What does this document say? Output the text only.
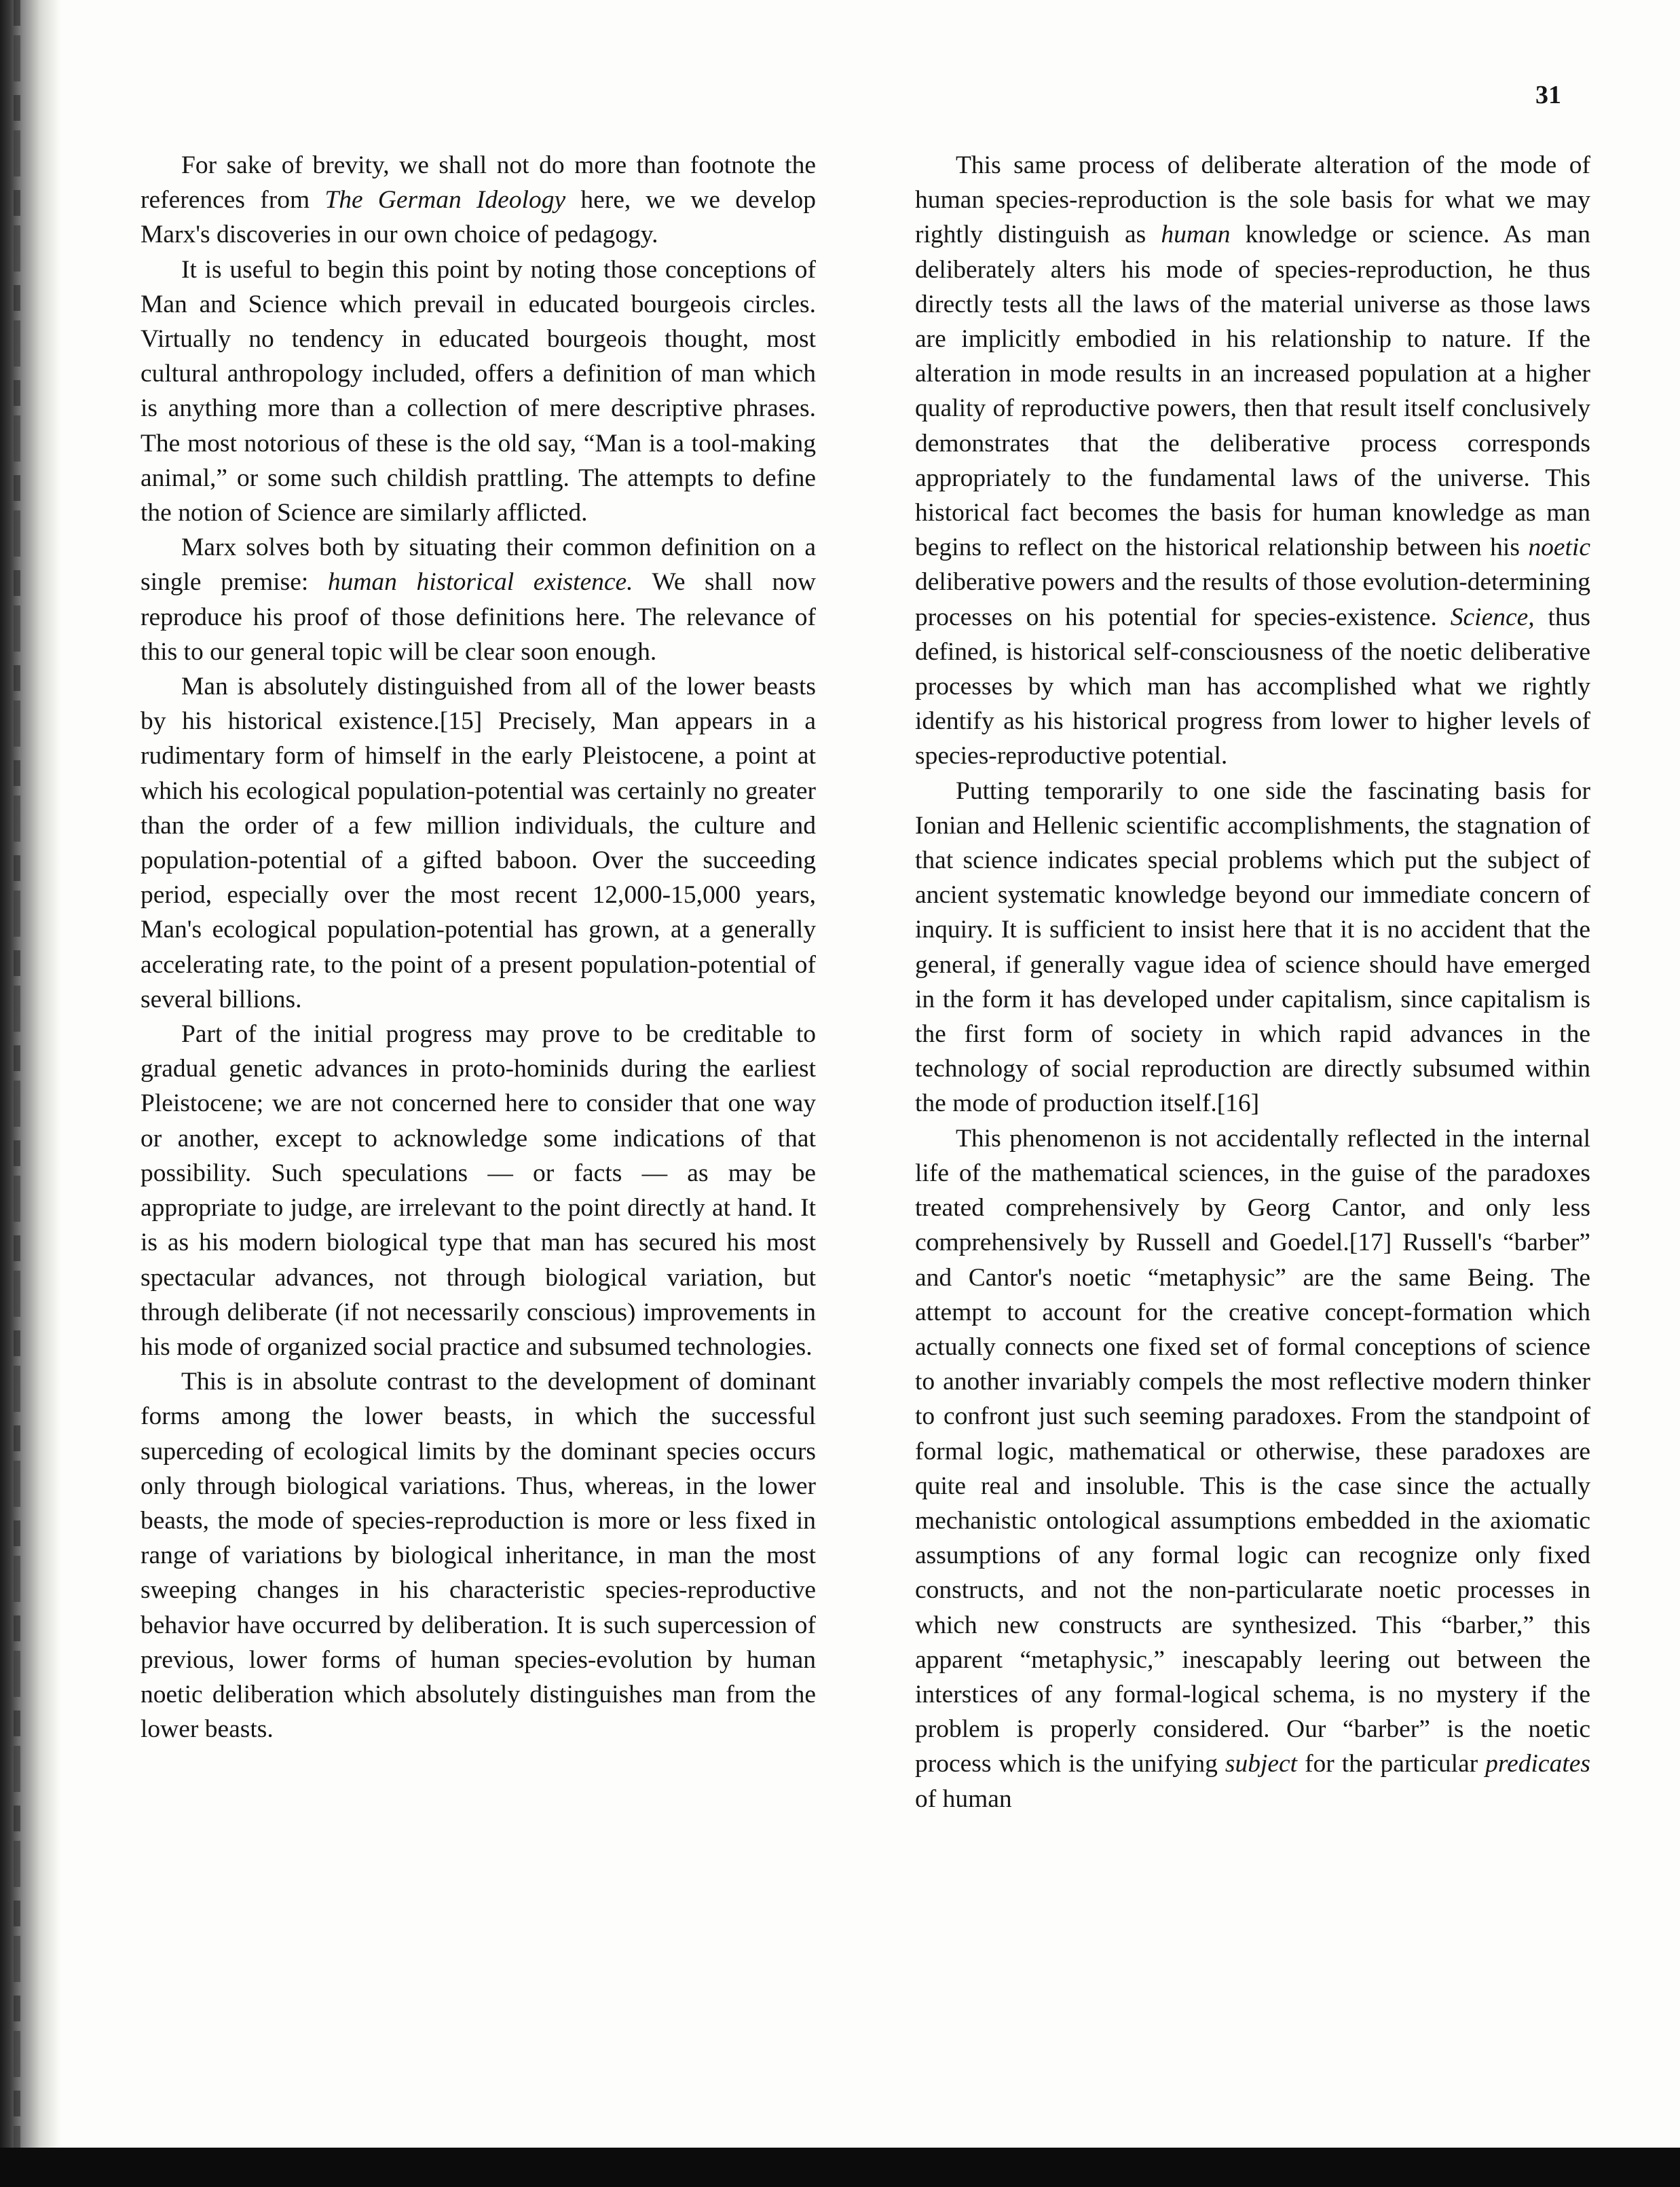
31

For sake of brevity, we shall not do more than footnote the references from The German Ideology here, we we develop Marx's discoveries in our own choice of pedagogy.

It is useful to begin this point by noting those conceptions of Man and Science which prevail in educated bourgeois circles. Virtually no tendency in educated bourgeois thought, most cultural anthropology included, offers a definition of man which is anything more than a collection of mere descriptive phrases. The most notorious of these is the old say, “Man is a tool-making animal,” or some such childish prattling. The attempts to define the notion of Science are similarly afflicted.

Marx solves both by situating their common definition on a single premise: human historical existence. We shall now reproduce his proof of those definitions here. The relevance of this to our general topic will be clear soon enough.

Man is absolutely distinguished from all of the lower beasts by his historical existence.[15] Precisely, Man appears in a rudimentary form of himself in the early Pleistocene, a point at which his ecological population-potential was certainly no greater than the order of a few million individuals, the culture and population-potential of a gifted baboon. Over the succeeding period, especially over the most recent 12,000-15,000 years, Man's ecological population-potential has grown, at a generally accelerating rate, to the point of a present population-potential of several billions.

Part of the initial progress may prove to be creditable to gradual genetic advances in proto-hominids during the earliest Pleistocene; we are not concerned here to consider that one way or another, except to acknowledge some indications of that possibility. Such speculations — or facts — as may be appropriate to judge, are irrelevant to the point directly at hand. It is as his modern biological type that man has secured his most spectacular advances, not through biological variation, but through deliberate (if not necessarily conscious) improvements in his mode of organized social practice and subsumed technologies.

This is in absolute contrast to the development of dominant forms among the lower beasts, in which the successful superceding of ecological limits by the dominant species occurs only through biological variations. Thus, whereas, in the lower beasts, the mode of species-reproduction is more or less fixed in range of variations by biological inheritance, in man the most sweeping changes in his characteristic species-reproductive behavior have occurred by deliberation. It is such supercession of previous, lower forms of human species-evolution by human noetic deliberation which absolutely distinguishes man from the lower beasts.

This same process of deliberate alteration of the mode of human species-reproduction is the sole basis for what we may rightly distinguish as human knowledge or science. As man deliberately alters his mode of species-reproduction, he thus directly tests all the laws of the material universe as those laws are implicitly embodied in his relationship to nature. If the alteration in mode results in an increased population at a higher quality of reproductive powers, then that result itself conclusively demonstrates that the deliberative process corresponds appropriately to the fundamental laws of the universe. This historical fact becomes the basis for human knowledge as man begins to reflect on the historical relationship between his noetic deliberative powers and the results of those evolution-determining processes on his potential for species-existence. Science, thus defined, is historical self-consciousness of the noetic deliberative processes by which man has accomplished what we rightly identify as his historical progress from lower to higher levels of species-reproductive potential.

Putting temporarily to one side the fascinating basis for Ionian and Hellenic scientific accomplishments, the stagnation of that science indicates special problems which put the subject of ancient systematic knowledge beyond our immediate concern of inquiry. It is sufficient to insist here that it is no accident that the general, if generally vague idea of science should have emerged in the form it has developed under capitalism, since capitalism is the first form of society in which rapid advances in the technology of social reproduction are directly subsumed within the mode of production itself.[16]

This phenomenon is not accidentally reflected in the internal life of the mathematical sciences, in the guise of the paradoxes treated comprehensively by Georg Cantor, and only less comprehensively by Russell and Goedel.[17] Russell's “barber” and Cantor's noetic “metaphysic” are the same Being. The attempt to account for the creative concept-formation which actually connects one fixed set of formal conceptions of science to another invariably compels the most reflective modern thinker to confront just such seeming paradoxes. From the standpoint of formal logic, mathematical or otherwise, these paradoxes are quite real and insoluble. This is the case since the actually mechanistic ontological assumptions embedded in the axiomatic assumptions of any formal logic can recognize only fixed constructs, and not the non-particularate noetic processes in which new constructs are synthesized. This “barber,” this apparent “metaphysic,” inescapably leering out between the interstices of any formal-logical schema, is no mystery if the problem is properly considered. Our “barber” is the noetic process which is the unifying subject for the particular predicates of human
